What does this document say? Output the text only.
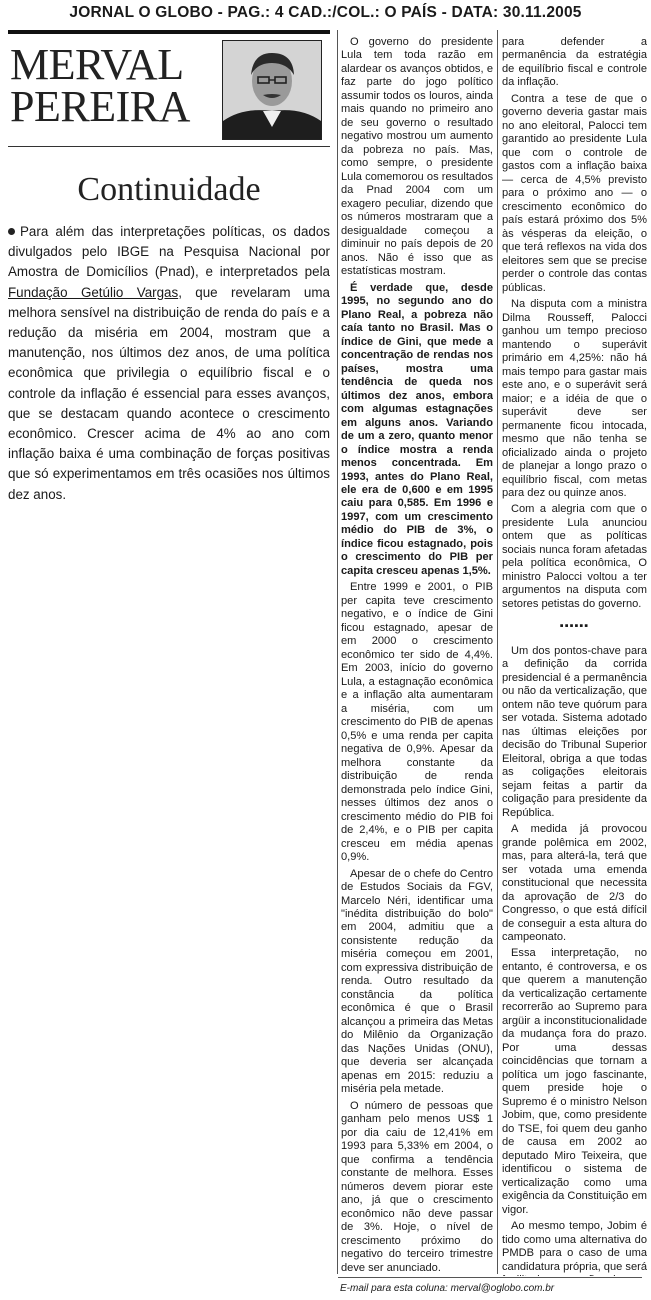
JORNAL O GLOBO - PAG.: 4 CAD.:/COL.: O PAÍS - DATA: 30.11.2005
MERVAL
PEREIRA
Continuidade
Para além das interpretações políticas, os dados divulgados pelo IBGE na Pesquisa Nacional por Amostra de Domicílios (Pnad), e interpretados pela Fundação Getúlio Vargas, que revelaram uma melhora sensível na distribuição de renda do país e a redução da miséria em 2004, mostram que a manutenção, nos últimos dez anos, de uma política econômica que privilegia o equilíbrio fiscal e o controle da inflação é essencial para esses avanços, que se destacam quando acontece o crescimento econômico. Crescer acima de 4% ao ano com inflação baixa é uma combinação de forças positivas que só experimentamos em três ocasiões nos últimos dez anos.

O governo do presidente Lula tem toda razão em alardear os avanços obtidos, e faz parte do jogo político assumir todos os louros, ainda mais quando no primeiro ano de seu governo o resultado negativo mostrou um aumento da pobreza no país. Mas, como sempre, o presidente Lula comemorou os resultados da Pnad 2004 com um exagero peculiar, dizendo que os números mostraram que a desigualdade começou a diminuir no país depois de 20 anos. Não é isso que as estatísticas mostram.

É verdade que, desde 1995, no segundo ano do Plano Real, a pobreza não caía tanto no Brasil. Mas o índice de Gini, que mede a concentração de rendas nos países, mostra uma tendência de queda nos últimos dez anos, embora com algumas estagnações em alguns anos. Variando de um a zero, quanto menor o índice mostra a renda menos concentrada. Em 1993, antes do Plano Real, ele era de 0,600 e em 1995 caiu para 0,585. Em 1996 e 1997, com um crescimento médio do PIB de 3%, o índice ficou estagnado, pois o crescimento do PIB per capita cresceu apenas 1,5%.

Entre 1999 e 2001, o PIB per capita teve crescimento negativo, e o índice de Gini ficou estagnado, apesar de em 2000 o crescimento econômico ter sido de 4,4%. Em 2003, início do governo Lula, a estagnação econômica e a inflação alta aumentaram a miséria, com um crescimento do PIB de apenas 0,5% e uma renda per capita negativa de 0,9%. Apesar da melhora constante da distribuição de renda demonstrada pelo índice Gini, nesses últimos dez anos o crescimento médio do PIB foi de 2,4%, e o PIB per capita cresceu em média apenas 0,9%.

Apesar de o chefe do Centro de Estudos Sociais da FGV, Marcelo Néri, identificar uma "inédita distribuição do bolo" em 2004, admitiu que a consistente redução da miséria começou em 2001, com expressiva distribuição de renda. Outro resultado da constância da política econômica é que o Brasil alcançou a primeira das Metas do Milênio da Organização das Nações Unidas (ONU), que deveria ser alcançada apenas em 2015: reduziu a miséria pela metade.

O número de pessoas que ganham pelo menos US$ 1 por dia caiu de 12,41% em 1993 para 5,33% em 2004, o que confirma a tendência constante de melhora. Esses números devem piorar este ano, já que o crescimento econômico não deve passar de 3%. Hoje, o nível de crescimento próximo do negativo do terceiro trimestre deve ser anunciado.

para defender a permanência da estratégia de equilíbrio fiscal e controle da inflação.

Contra a tese de que o governo deveria gastar mais no ano eleitoral, Palocci tem garantido ao presidente Lula que com o controle de gastos com a inflação baixa — cerca de 4,5% previsto para o próximo ano — o crescimento econômico do país estará próximo dos 5% às vésperas da eleição, o que terá reflexos na vida dos eleitores sem que se precise perder o controle das contas públicas.

Na disputa com a ministra Dilma Rousseff, Palocci ganhou um tempo precioso mantendo o superávit primário em 4,25%: não há mais tempo para gastar mais este ano, e o superávit será maior; e a idéia de que o superávit deve ser permanente ficou intocada, mesmo que não tenha se oficializado ainda o projeto de planejar a longo prazo o equilíbrio fiscal, com metas para dez ou quinze anos.

Com a alegria com que o presidente Lula anunciou ontem que as políticas sociais nunca foram afetadas pela política econômica, O ministro Palocci voltou a ter argumentos na disputa com setores petistas do governo.

▪▪▪▪▪▪

Um dos pontos-chave para a definição da corrida presidencial é a permanência ou não da verticalização, que ontem não teve quórum para ser votada. Sistema adotado nas últimas eleições por decisão do Tribunal Superior Eleitoral, obriga a que todas as coligações eleitorais sejam feitas a partir da coligação para presidente da República.

A medida já provocou grande polêmica em 2002, mas, para alterá-la, terá que ser votada uma emenda constitucional que necessita da aprovação de 2/3 do Congresso, o que está difícil de conseguir a esta altura do campeonato.

Essa interpretação, no entanto, é controversa, e os que querem a manutenção da verticalização certamente recorrerão ao Supremo para argüir a inconstitucionalidade da mudança fora do prazo. Por uma dessas coincidências que tornam a política um jogo fascinante, quem preside hoje o Supremo é o ministro Nelson Jobim, que, como presidente do TSE, foi quem deu ganho de causa em 2002 ao deputado Miro Teixeira, que identificou o sistema de verticalização como uma exigência da Constituição em vigor.

Ao mesmo tempo, Jobim é tido como uma alternativa do PMDB para o caso de uma candidatura própria, que será

E-mail para esta coluna: merval@oglobo.com.br
